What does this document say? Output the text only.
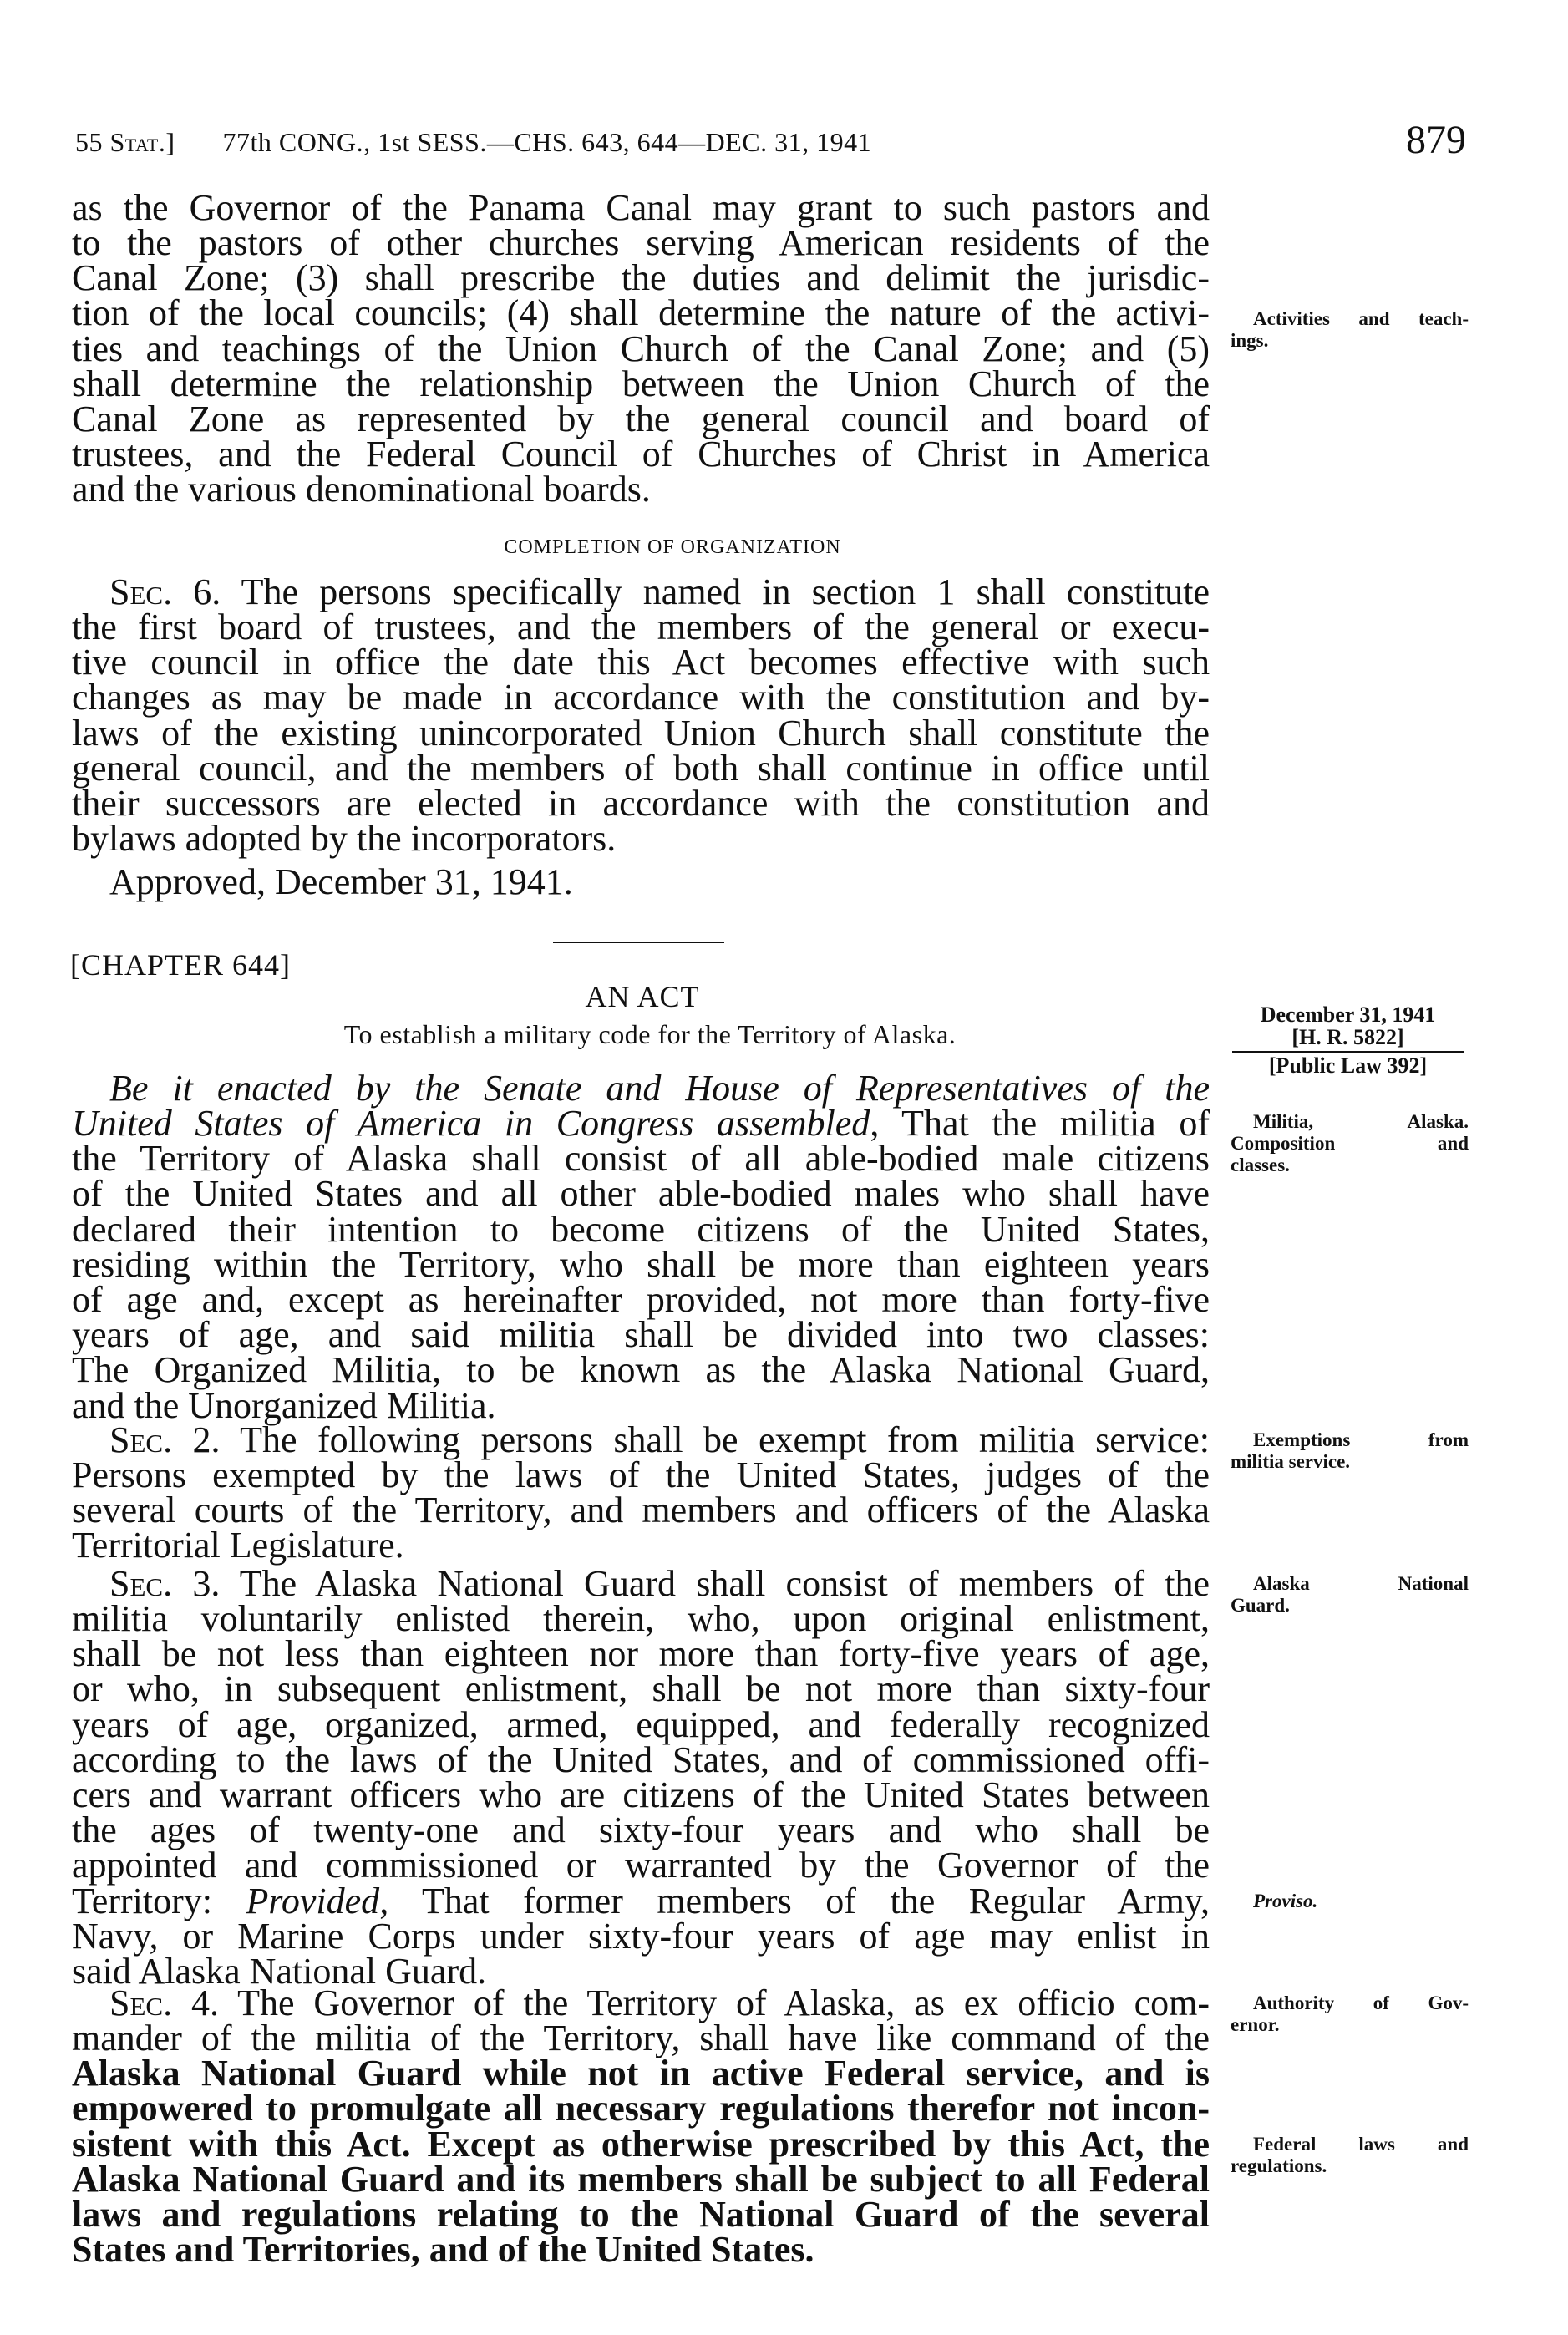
55 Stat.] 77th CONG., 1st SESS.—CHS. 643, 644—DEC. 31, 1941	879
as the Governor of the Panama Canal may grant to such pastors and
to the pastors of other churches serving American residents of the
Canal Zone; (3) shall prescribe the duties and delimit the jurisdic-
tion of the local councils; (4) shall determine the nature of the activi-
ties and teachings of the Union Church of the Canal Zone; and (5)
shall determine the relationship between the Union Church of the
Canal Zone as represented by the general council and board of
trustees, and the Federal Council of Churches of Christ in America
and the various denominational boards.
Sec. 6. The persons specifically named in section 1 shall constitute
the first board of trustees, and the members of the general or execu-
tive council in office the date this Act becomes effective with such
changes as may be made in accordance with the constitution and by-
laws of the existing unincorporated Union Church shall constitute the
general council, and the members of both shall continue in office until
their successors are elected in accordance with the constitution and
bylaws adopted by the incorporators.
Approved, December 31, 1941.
Be it enacted by the Senate and House of Representatives of the
United States of America in Congress assembled, That the militia of
the Territory of Alaska shall consist of all able-bodied male citizens
of the United States and all other able-bodied males who shall have
declared their intention to become citizens of the United States,
residing within the Territory, who shall be more than eighteen years
of age and, except as hereinafter provided, not more than forty-five
years of age, and said militia shall be divided into two classes:
The Organized Militia, to be known as the Alaska National Guard,
and the Unorganized Militia.
Sec. 2. The following persons shall be exempt from militia service:
Persons exempted by the laws of the United States, judges of the
several courts of the Territory, and members and officers of the Alaska
Territorial Legislature.
Sec. 3. The Alaska National Guard shall consist of members of the
militia voluntarily enlisted therein, who, upon original enlistment,
shall be not less than eighteen nor more than forty-five years of age,
or who, in subsequent enlistment, shall be not more than sixty-four
years of age, organized, armed, equipped, and federally recognized
according to the laws of the United States, and of commissioned offi-
cers and warrant officers who are citizens of the United States between
the ages of twenty-one and sixty-four years and who shall be
appointed and commissioned or warranted by the Governor of the
Territory: Provided, That former members of the Regular Army,
Navy, or Marine Corps under sixty-four years of age may enlist in
said Alaska National Guard.
Sec. 4. The Governor of the Territory of Alaska, as ex officio com-
mander of the militia of the Territory, shall have like command of the
Alaska National Guard while not in active Federal service, and is
empowered to promulgate all necessary regulations therefor not incon-
sistent with this Act. Except as otherwise prescribed by this Act, the
Alaska National Guard and its members shall be subject to all Federal
laws and regulations relating to the National Guard of the several
States and Territories, and of the United States.
COMPLETION OF ORGANIZATION
[CHAPTER 644]
AN ACT
To establish a military code for the Territory of Alaska.
December 31, 1941
[H. R. 5822]
[Public Law 392]
Activities and teach-
ings.
Militia, Alaska.
Composition and
classes.
Exemptions from
militia service.
Alaska National
Guard.
Proviso.
Authority of Gov-
ernor.
Federal laws and
regulations.
